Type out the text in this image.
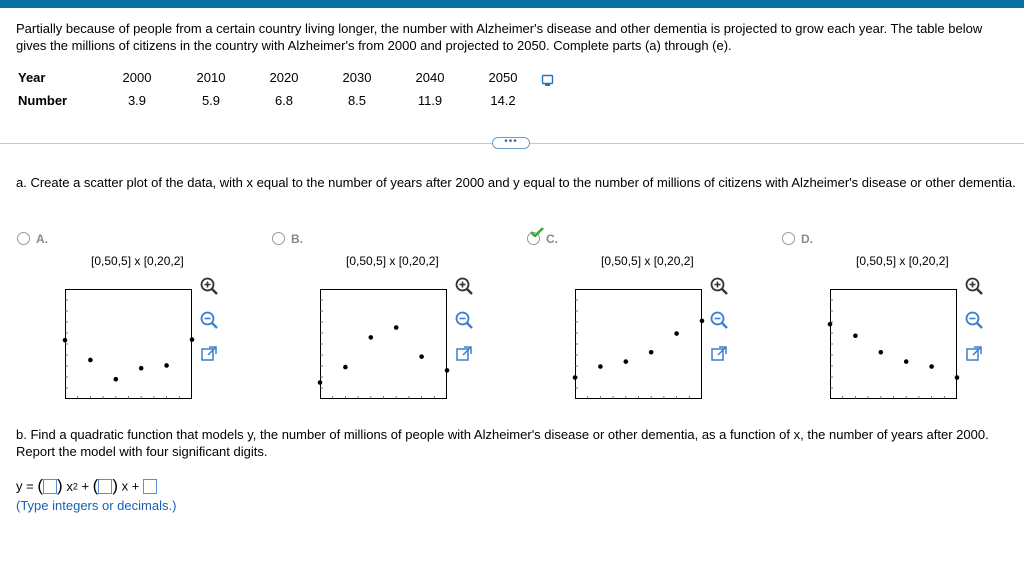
Partially because of people from a certain country living longer, the number with Alzheimer's disease and other dementia is projected to grow each year. The table below gives the millions of citizens in the country with Alzheimer's from 2000 and projected to 2050. Complete parts (a) through (e).
Year	2000	2010	2020	2030	2040	2050
Number	3.9	5.9	6.8	8.5	11.9	14.2
•••
a. Create a scatter plot of the data, with x equal to the number of years after 2000 and y equal to the number of millions of citizens with Alzheimer's disease or other dementia.
A.
[0,50,5] x [0,20,2]
B.
[0,50,5] x [0,20,2]
C.
[0,50,5] x [0,20,2]
D.
[0,50,5] x [0,20,2]
b. Find a quadratic function that models y, the number of millions of people with Alzheimer's disease or other dementia, as a function of x, the number of years after 2000. Report the model with four significant digits.
y = ( ) x2 + ( ) x +
(Type integers or decimals.)
